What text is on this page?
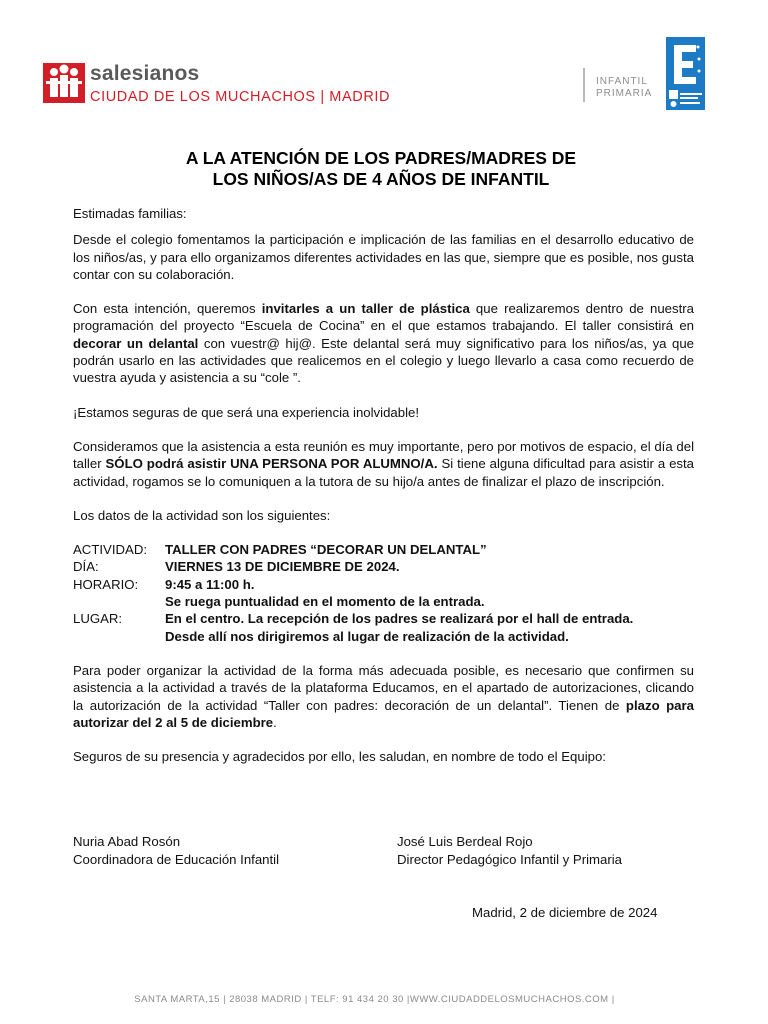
salesianos
CIUDAD DE LOS MUCHACHOS | MADRID
INFANTIL
PRIMARIA
A LA ATENCIÓN DE LOS PADRES/MADRES DE
LOS NIÑOS/AS DE 4 AÑOS DE INFANTIL

Estimadas familias:

Desde el colegio fomentamos la participación e implicación de las familias en el desarrollo educativo de los niños/as, y para ello organizamos diferentes actividades en las que, siempre que es posible, nos gusta contar con su colaboración.

Con esta intención, queremos invitarles a un taller de plástica que realizaremos dentro de nuestra programación del proyecto “Escuela de Cocina” en el que estamos trabajando. El taller consistirá en decorar un delantal con vuestr@ hij@. Este delantal será muy significativo para los niños/as, ya que podrán usarlo en las actividades que realicemos en el colegio y luego llevarlo a casa como recuerdo de vuestra ayuda y asistencia a su “cole ”.

¡Estamos seguras de que será una experiencia inolvidable!

Consideramos que la asistencia a esta reunión es muy importante, pero por motivos de espacio, el día del taller SÓLO podrá asistir UNA PERSONA POR ALUMNO/A. Si tiene alguna dificultad para asistir a esta actividad, rogamos se lo comuniquen a la tutora de su hijo/a antes de finalizar el plazo de inscripción.

Los datos de la actividad son los siguientes:

ACTIVIDAD:	TALLER CON PADRES “DECORAR UN DELANTAL”
DÍA:	VIERNES 13 DE DICIEMBRE DE 2024.
HORARIO:	9:45 a 11:00 h.
Se ruega puntualidad en el momento de la entrada.
LUGAR:	En el centro. La recepción de los padres se realizará por el hall de entrada.
Desde allí nos dirigiremos al lugar de realización de la actividad.

Para poder organizar la actividad de la forma más adecuada posible, es necesario que confirmen su asistencia a la actividad a través de la plataforma Educamos, en el apartado de autorizaciones, clicando la autorización de la actividad “Taller con padres: decoración de un delantal”. Tienen de plazo para autorizar del 2 al 5 de diciembre.

Seguros de su presencia y agradecidos por ello, les saludan, en nombre de todo el Equipo:

Nuria Abad Rosón
Coordinadora de Educación Infantil
José Luis Berdeal Rojo
Director Pedagógico Infantil y Primaria
Madrid, 2 de diciembre de 2024
SANTA MARTA,15 | 28038 MADRID | TELF: 91 434 20 30 |WWW.CIUDADDELOSMUCHACHOS.COM |
